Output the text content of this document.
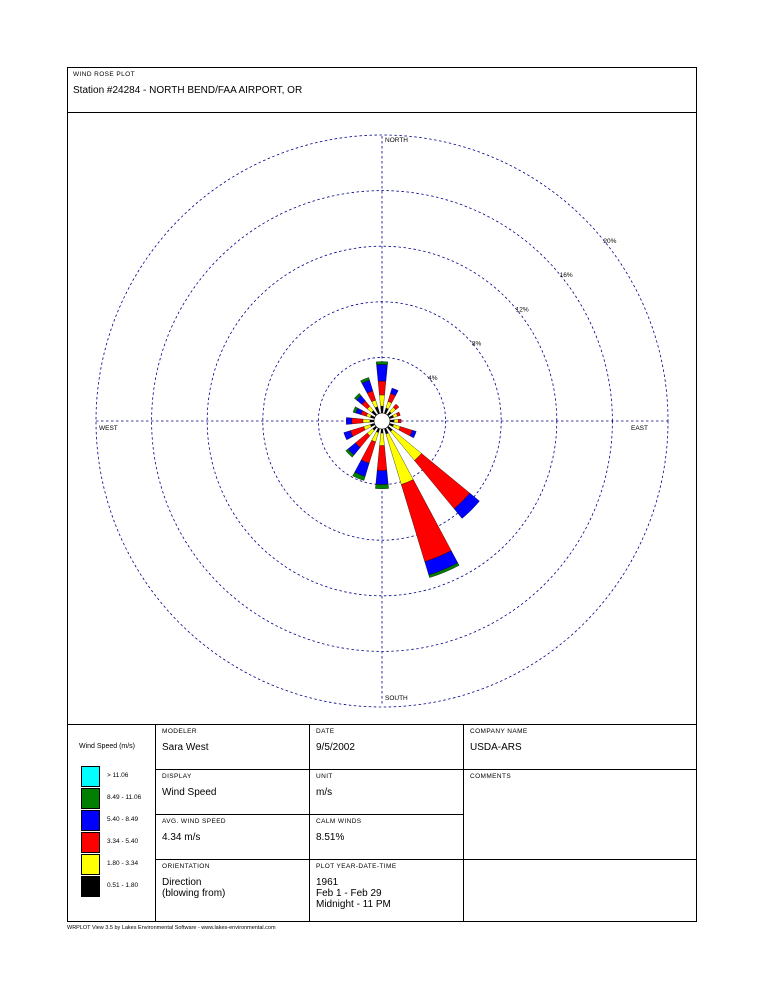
WIND ROSE PLOT
Station #24284 - NORTH BEND/FAA AIRPORT, OR
4%
8%
12%
16%
20%
NORTH
SOUTH
EAST
WEST
Wind Speed (m/s)
> 11.06
8.49 - 11.06
5.40 - 8.49
3.34 - 5.40
1.80 - 3.34
0.51 - 1.80
MODELER
Sara West
DATE
9/5/2002
COMPANY NAME
USDA-ARS
DISPLAY
Wind Speed
UNIT
m/s
COMMENTS
AVG. WIND SPEED
4.34 m/s
CALM WINDS
8.51%
ORIENTATION
Direction
(blowing from)
PLOT YEAR-DATE-TIME
1961
Feb 1 - Feb 29
Midnight - 11 PM
WRPLOT View 3.5 by Lakes Environmental Software - www.lakes-environmental.com
